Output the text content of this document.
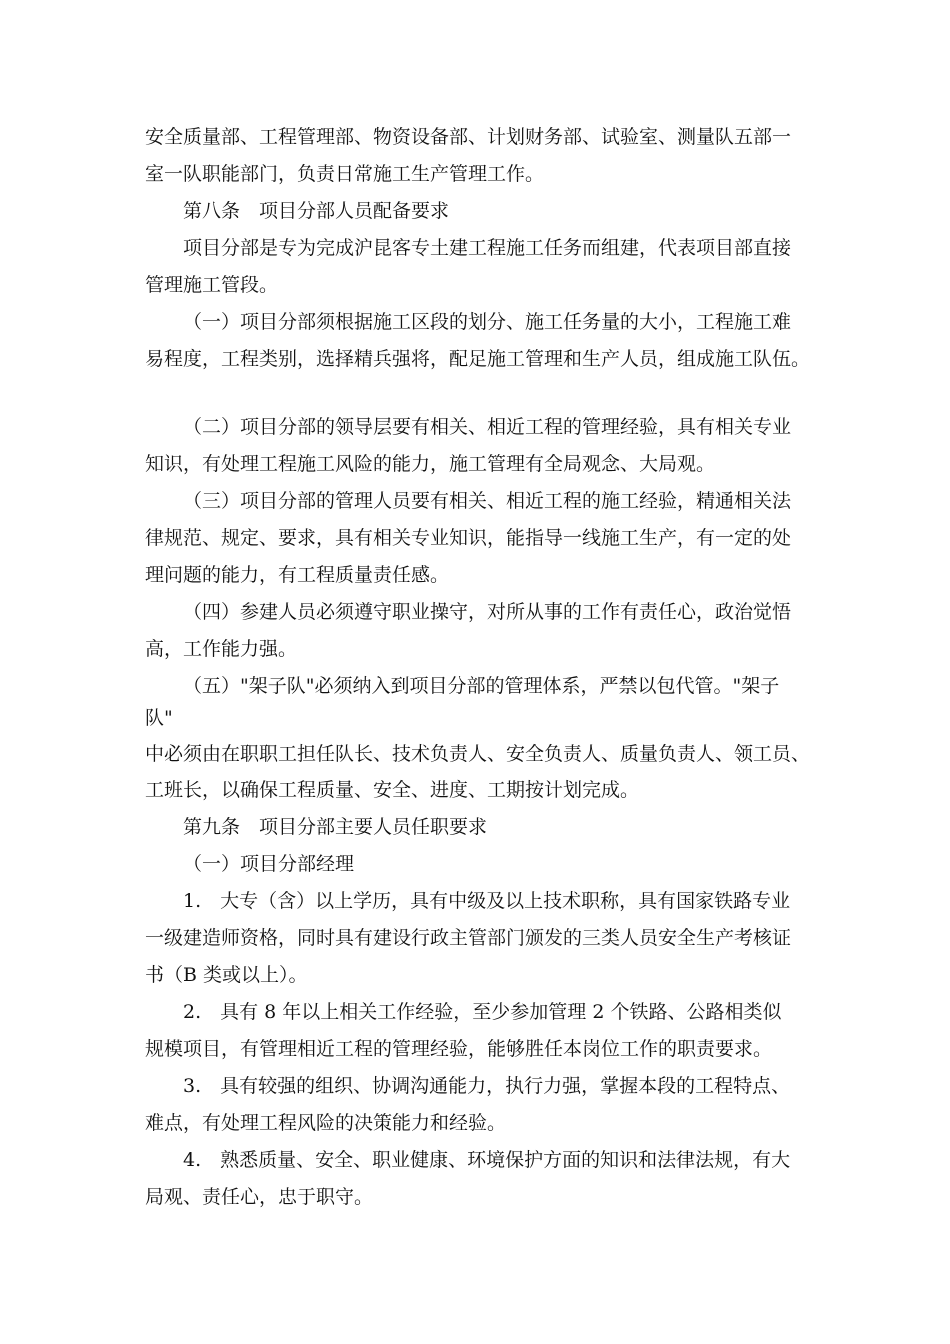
安全质量部、工程管理部、物资设备部、计划财务部、试验室、测量队五部一
室一队职能部门，负责日常施工生产管理工作。
第八条　项目分部人员配备要求
项目分部是专为完成沪昆客专土建工程施工任务而组建，代表项目部直接
管理施工管段。
（一）项目分部须根据施工区段的划分、施工任务量的大小，工程施工难
易程度，工程类别，选择精兵强将，配足施工管理和生产人员，组成施工队伍。
（二）项目分部的领导层要有相关、相近工程的管理经验，具有相关专业
知识，有处理工程施工风险的能力，施工管理有全局观念、大局观。
（三）项目分部的管理人员要有相关、相近工程的施工经验，精通相关法
律规范、规定、要求，具有相关专业知识，能指导一线施工生产，有一定的处
理问题的能力，有工程质量责任感。
（四）参建人员必须遵守职业操守，对所从事的工作有责任心，政治觉悟
高，工作能力强。
（五）"架子队"必须纳入到项目分部的管理体系，严禁以包代管。"架子
队"
中必须由在职职工担任队长、技术负责人、安全负责人、质量负责人、领工员、
工班长，以确保工程质量、安全、进度、工期按计划完成。
第九条　项目分部主要人员任职要求
（一）项目分部经理
1.　大专（含）以上学历，具有中级及以上技术职称，具有国家铁路专业
一级建造师资格，同时具有建设行政主管部门颁发的三类人员安全生产考核证
书（B 类或以上）。
2.　具有 8 年以上相关工作经验，至少参加管理 2 个铁路、公路相类似
规模项目，有管理相近工程的管理经验，能够胜任本岗位工作的职责要求。
3.　具有较强的组织、协调沟通能力，执行力强，掌握本段的工程特点、
难点，有处理工程风险的决策能力和经验。
4.　熟悉质量、安全、职业健康、环境保护方面的知识和法律法规，有大
局观、责任心，忠于职守。
